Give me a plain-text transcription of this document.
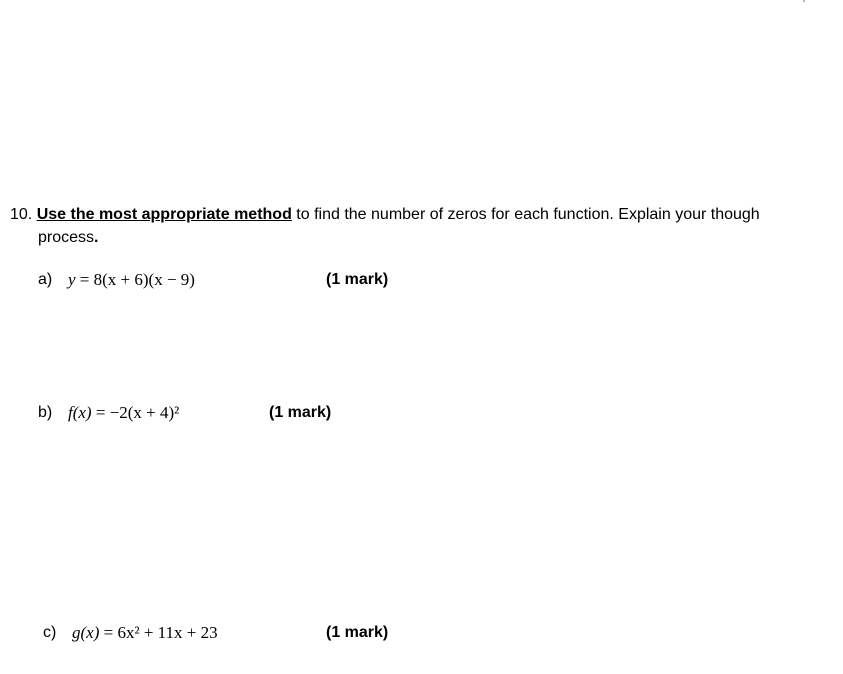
10. Use the most appropriate method to find the number of zeros for each function. Explain your though
process.
a) y = 8(x + 6)(x − 9)	(1 mark)
b) f(x) = −2(x + 4)²	(1 mark)
c) g(x) = 6x² + 11x + 23	(1 mark)
